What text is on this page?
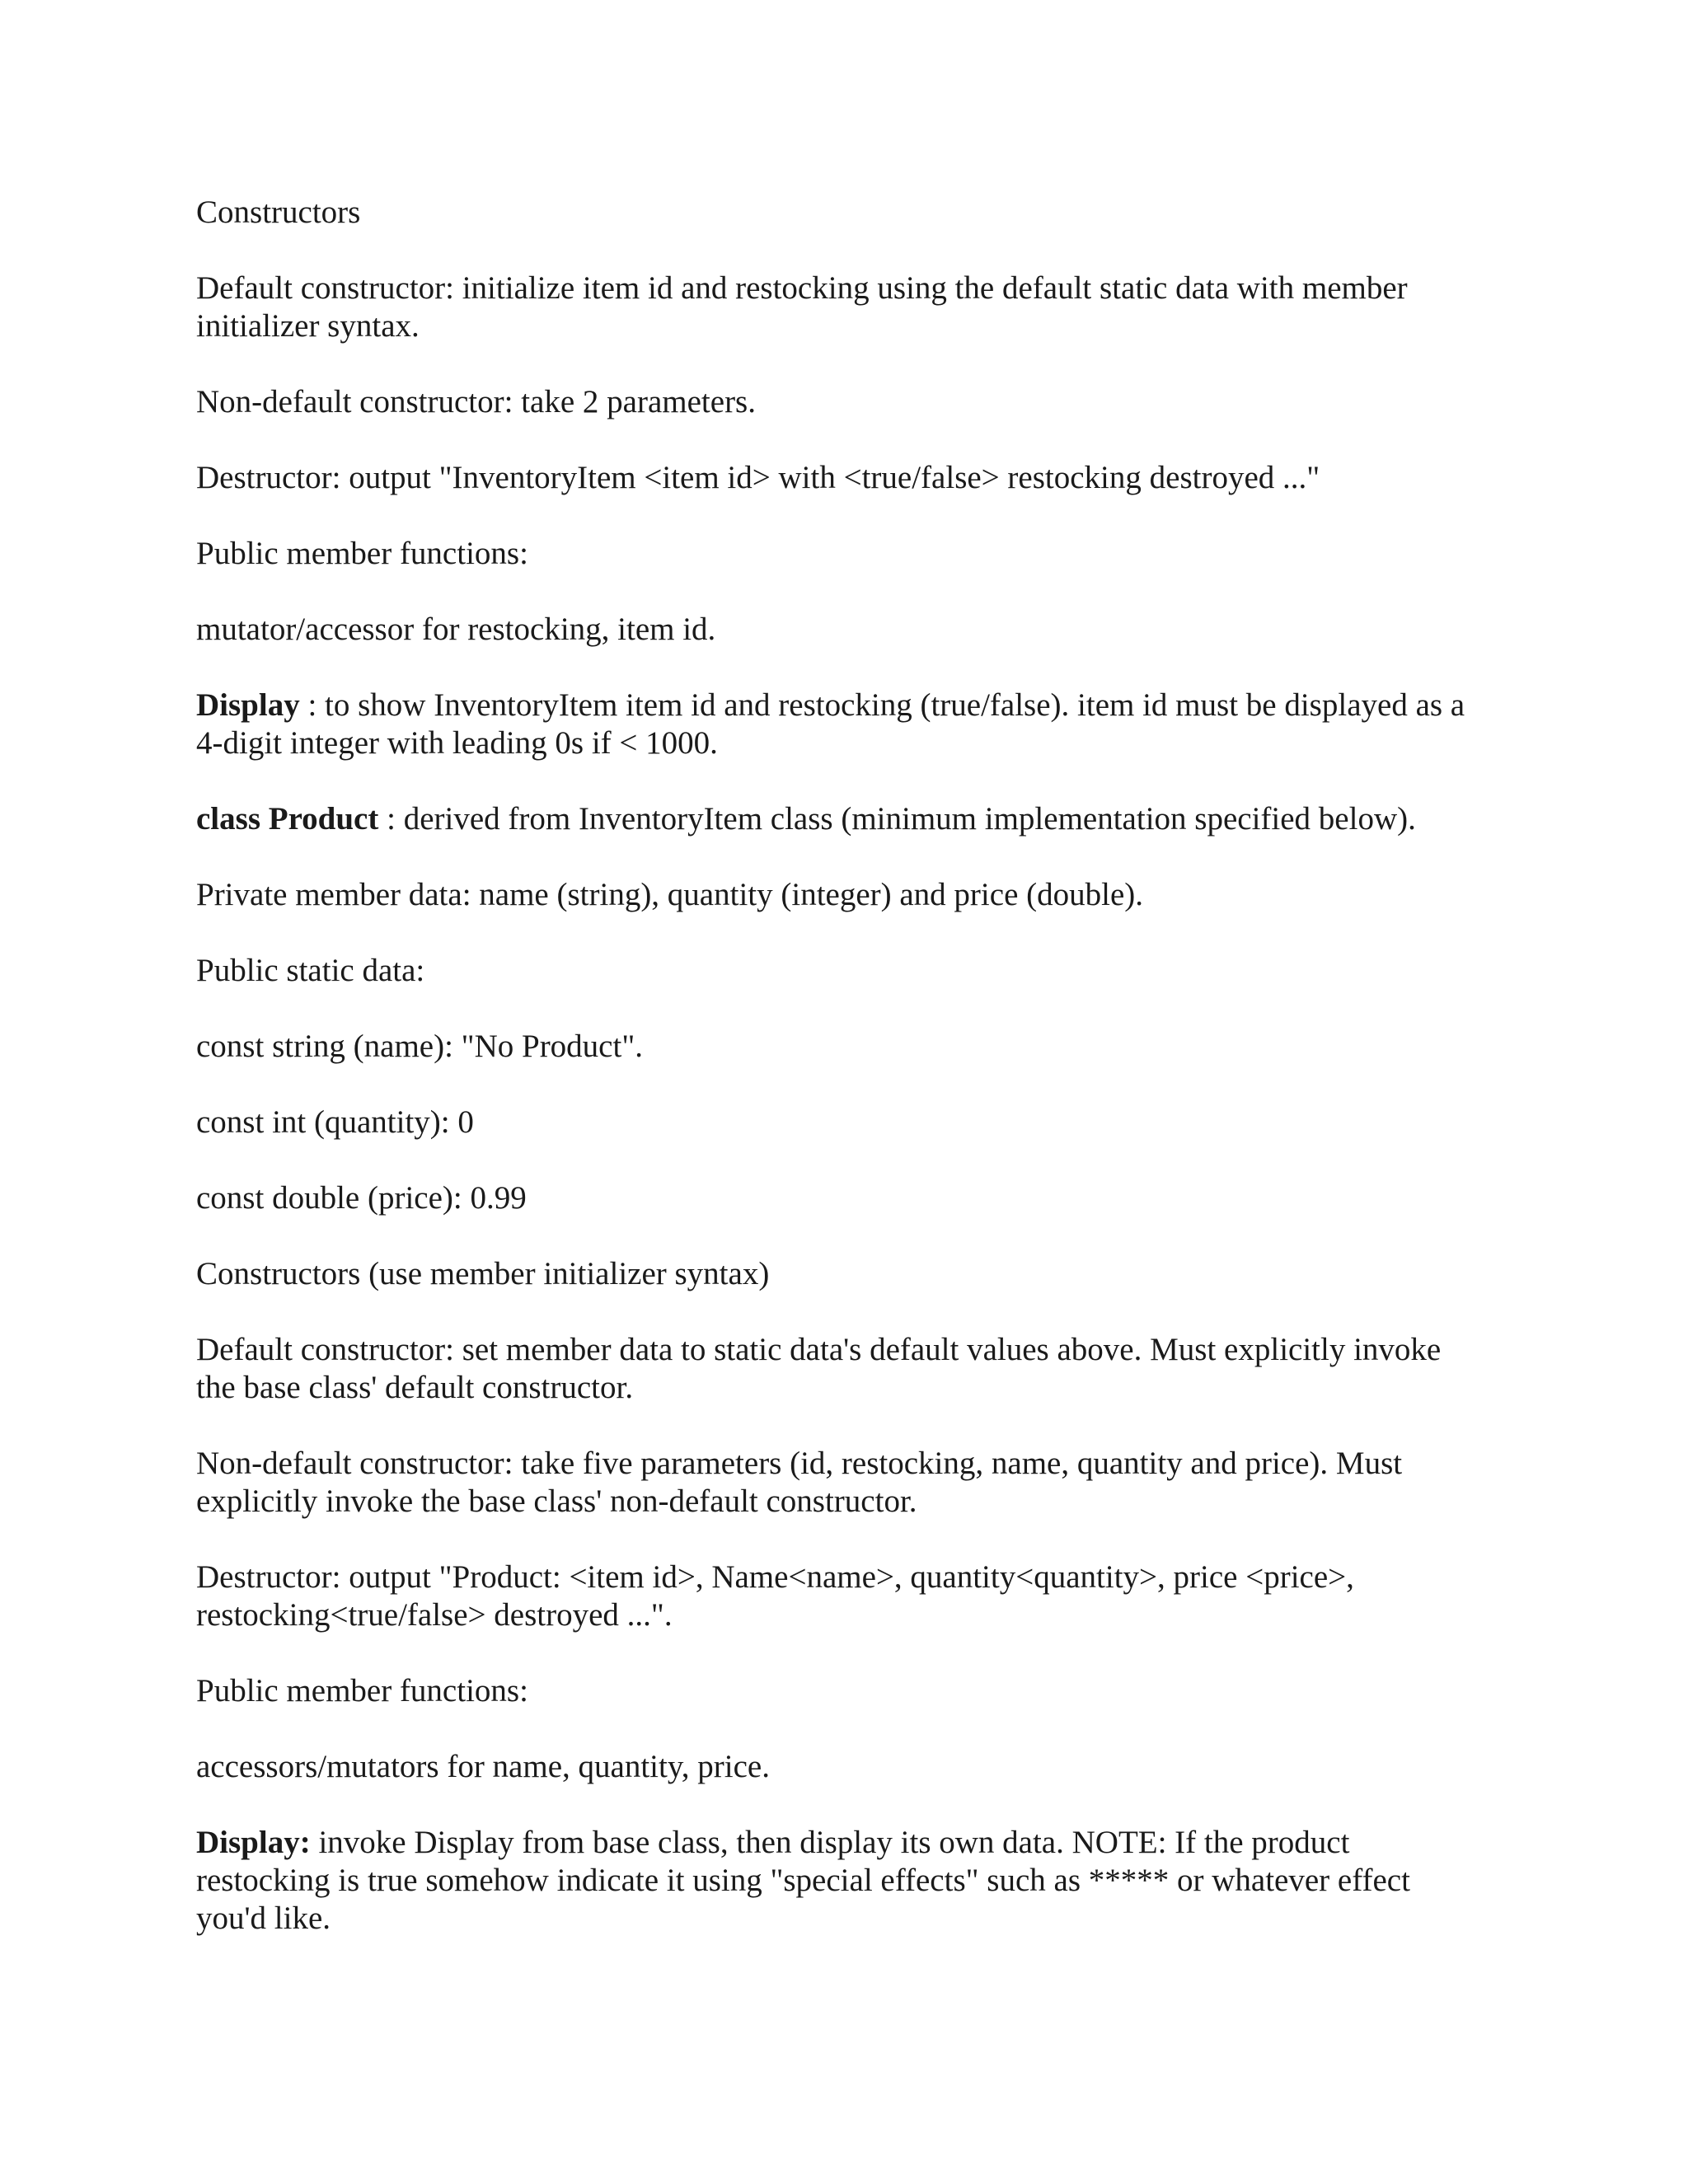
Constructors

Default constructor: initialize item id and restocking using the default static data with member initializer syntax.

Non-default constructor: take 2 parameters.

Destructor: output "InventoryItem <item id> with <true/false> restocking destroyed ..."

Public member functions:

mutator/accessor for restocking, item id.

Display : to show InventoryItem item id and restocking (true/false). item id must be displayed as a 4-digit integer with leading 0s if < 1000.

class Product : derived from InventoryItem class (minimum implementation specified below).

Private member data: name (string), quantity (integer) and price (double).

Public static data:

const string (name): "No Product".

const int (quantity): 0

const double (price): 0.99

Constructors (use member initializer syntax)

Default constructor: set member data to static data's default values above. Must explicitly invoke the base class' default constructor.

Non-default constructor: take five parameters (id, restocking, name, quantity and price). Must explicitly invoke the base class' non-default constructor.

Destructor: output "Product: <item id>, Name<name>, quantity<quantity>, price <price>, restocking<true/false> destroyed ...".

Public member functions:

accessors/mutators for name, quantity, price.

Display: invoke Display from base class, then display its own data. NOTE: If the product restocking is true somehow indicate it using "special effects" such as ***** or whatever effect you'd like.
